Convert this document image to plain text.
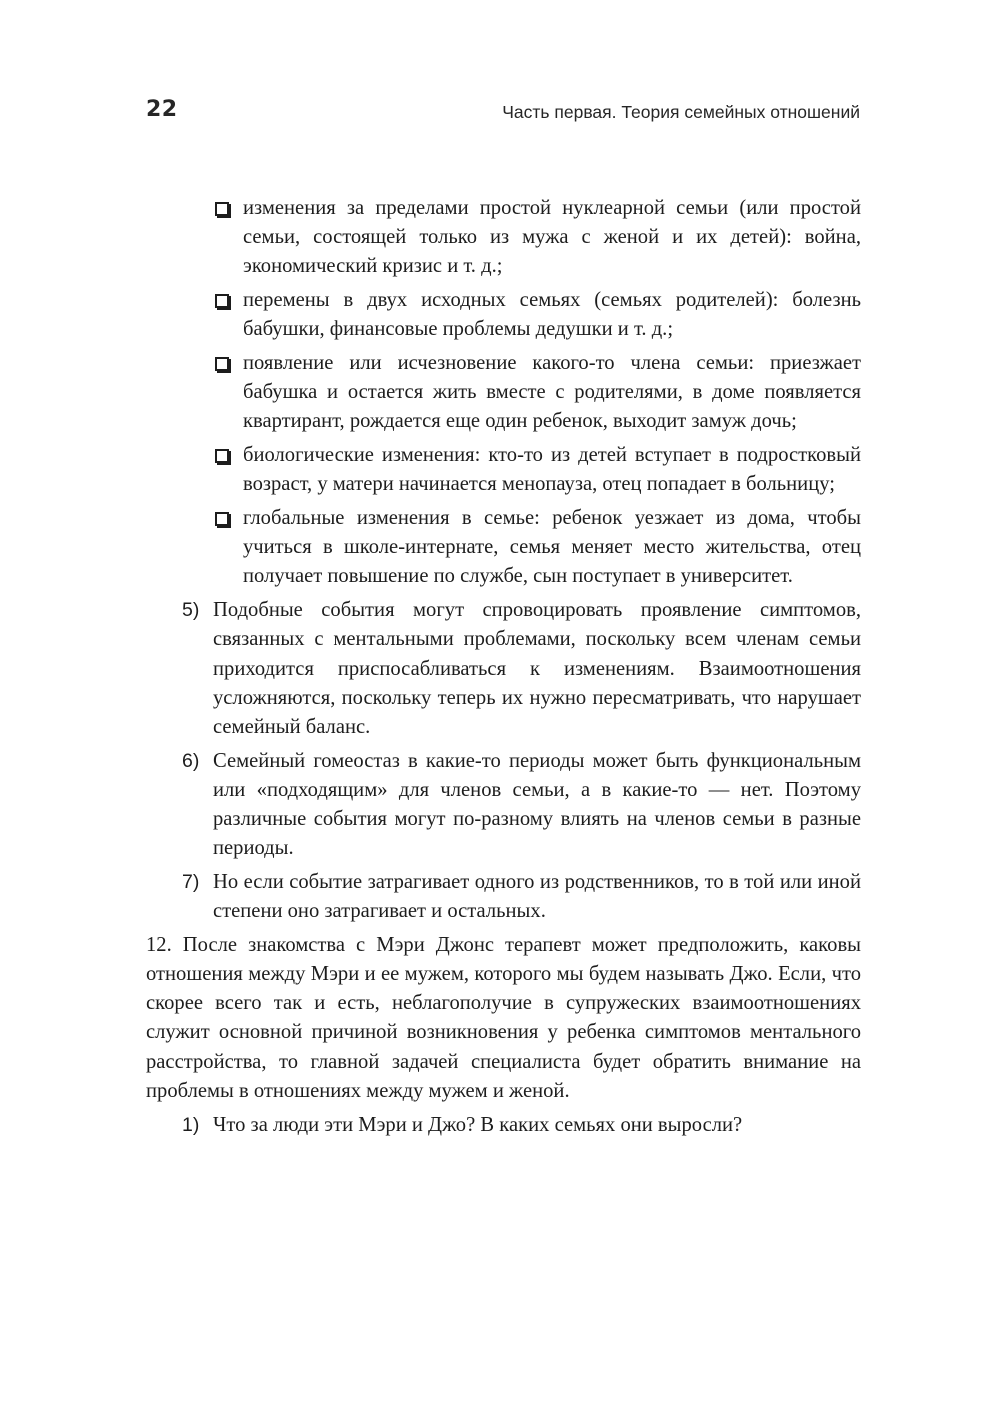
22	Часть первая. Теория семейных отношений
изменения за пределами простой нуклеарной семьи (или простой семьи, состоящей только из мужа с женой и их детей): война, экономический кризис и т. д.;
перемены в двух исходных семьях (семьях родителей): болезнь бабушки, финансовые проблемы дедушки и т. д.;
появление или исчезновение какого-то члена семьи: приезжает бабушка и остается жить вместе с родителями, в доме появляется квартирант, рождается еще один ребенок, выходит замуж дочь;
биологические изменения: кто-то из детей вступает в подростковый возраст, у матери начинается менопауза, отец попадает в больницу;
глобальные изменения в семье: ребенок уезжает из дома, чтобы учиться в школе-интернате, семья меняет место жительства, отец получает повышение по службе, сын поступает в университет.
5) Подобные события могут спровоцировать проявление симптомов, связанных с ментальными проблемами, поскольку всем членам семьи приходится приспосабливаться к изменениям. Взаимоотношения усложняются, поскольку теперь их нужно пересматривать, что нарушает семейный баланс.
6) Семейный гомеостаз в какие-то периоды может быть функциональным или «подходящим» для членов семьи, а в какие-то — нет. Поэтому различные события могут по-разному влиять на членов семьи в разные периоды.
7) Но если событие затрагивает одного из родственников, то в той или иной степени оно затрагивает и остальных.

12. После знакомства с Мэри Джонс терапевт может предположить, каковы отношения между Мэри и ее мужем, которого мы будем называть Джо. Если, что скорее всего так и есть, неблагополучие в супружеских взаимоотношениях служит основной причиной возникновения у ребенка симптомов ментального расстройства, то главной задачей специалиста будет обратить внимание на проблемы в отношениях между мужем и женой.

1) Что за люди эти Мэри и Джо? В каких семьях они выросли?
